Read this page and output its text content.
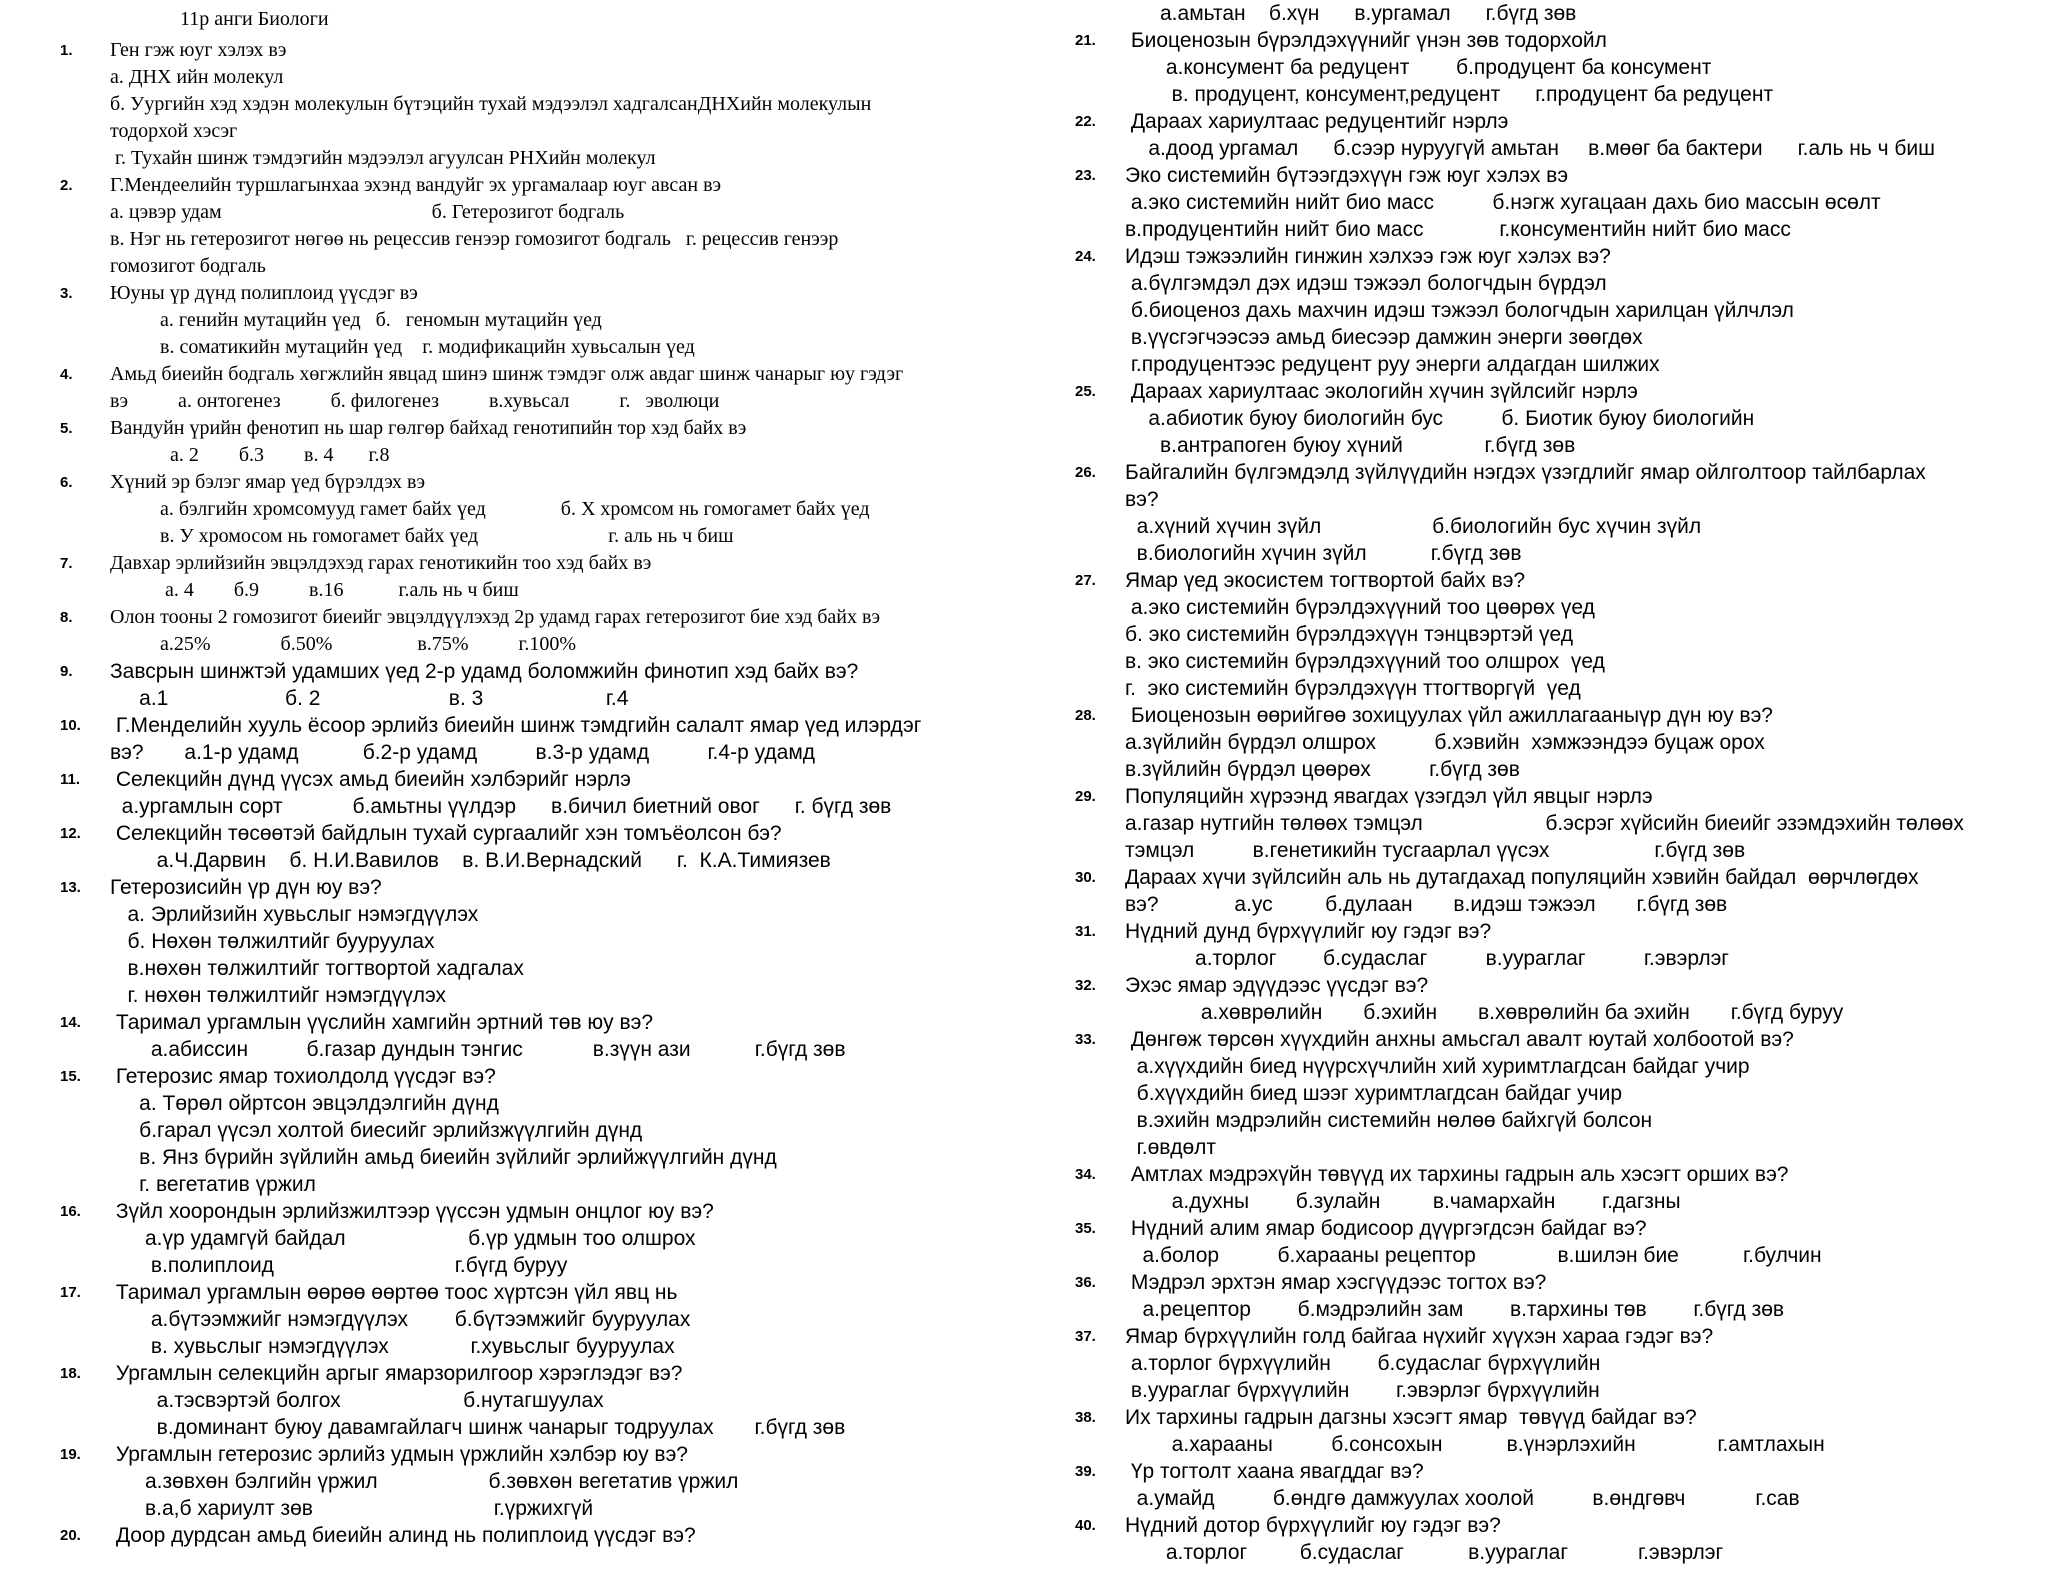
11р анги Биологи
1. Ген гэж юуг хэлэх вэ
а. ДНХ ийн молекул
б. Уургийн хэд хэдэн молекулын бүтэцийн тухай мэдээлэл хадгалсанДНХийн молекулын
тодорхой хэсэг
г. Тухайн шинж тэмдэгийн мэдээлэл агуулсан РНХийн молекул
2. Г.Мендеелийн туршлагынхаа эхэнд вандуйг эх ургамалаар юуг авсан вэ
а. цэвэр удам                                          б. Гетерозигот бодгаль
в. Нэг нь гетерозигот нөгөө нь рецессив генээр гомозигот бодгаль   г. рецессив генээр
гомозигот бодгаль
3. Юуны үр дүнд полиплоид үүсдэг вэ
а. генийн мутацийн үед   б.   геномын мутацийн үед
в. соматикийн мутацийн үед    г. модификацийн хувьсалын үед
4. Амьд биеийн бодгаль хөгжлийн явцад шинэ шинж тэмдэг олж авдаг шинж чанарыг юу гэдэг
вэ          а. онтогенез          б. филогенез          в.хувьсал          г.   эволюци
5. Вандуйн үрийн фенотип нь шар гөлгөр байхад генотипийн тор хэд байх вэ
а. 2        б.3        в. 4       г.8
6. Хүний эр бэлэг ямар үед бүрэлдэх вэ
а. бэлгийн хромсомууд гамет байх үед               б. Х хромсом нь гомогамет байх үед
в. У хромосом нь гомогамет байх үед                          г. аль нь ч биш
7. Давхар эрлийзийн эвцэлдэхэд гарах генотикийн тоо хэд байх вэ
а. 4        б.9          в.16           г.аль нь ч биш
8. Олон тооны 2 гомозигот биеийг эвцэлдүүлэхэд 2р удамд гарах гетерозигот бие хэд байх вэ
а.25%              б.50%                 в.75%          г.100%
9. Завсрын шинжтэй удамших үед 2-р удамд боломжийн финотип хэд байх вэ?
а.1                    б. 2                      в. 3                     г.4
10. Г.Менделийн хууль ёсоор эрлийз биеийн шинж тэмдгийн салалт ямар үед илэрдэг
вэ?       а.1-р удамд           б.2-р удамд          в.3-р удамд          г.4-р удамд
11. Селекцийн дүнд үүсэх амьд биеийн хэлбэрийг нэрлэ
а.ургамлын сорт            б.амьтны үүлдэр      в.бичил биетний овог      г. бүгд зөв
12. Селекцийн төсөөтэй байдлын тухай сургаалийг хэн томъёолсон бэ?
а.Ч.Дарвин    б. Н.И.Вавилов    в. В.И.Вернадский      г.  К.А.Тимиязев
13. Гетерозисийн үр дүн юу вэ?
а. Эрлийзийн хувьслыг нэмэгдүүлэх
б. Нөхөн төлжилтийг бууруулах
в.нөхөн төлжилтийг тогтвортой хадгалах
г. нөхөн төлжилтийг нэмэгдүүлэх
14. Таримал ургамлын үүслийн хамгийн эртний төв юу вэ?
а.абиссин          б.газар дундын тэнгис            в.зүүн ази           г.бүгд зөв
15. Гетерозис ямар тохиолдолд үүсдэг вэ?
а. Төрөл ойртсон эвцэлдэлгийн дүнд
б.гарал үүсэл холтой биесийг эрлийзжүүлгийн дүнд
в. Янз бүрийн зүйлийн амьд биеийн зүйлийг эрлийжүүлгийн дүнд
г. вегетатив үржил
16. Зүйл хоорондын эрлийзжилтээр үүссэн удмын онцлог юу вэ?
а.үр удамгүй байдал                     б.үр удмын тоо олшрох
в.полиплоид                               г.бүгд буруу
17. Таримал ургамлын өөрөө өөртөө тоос хүртсэн үйл явц нь
а.бүтээмжийг нэмэгдүүлэх        б.бүтээмжийг бууруулах
в. хувьслыг нэмэгдүүлэх              г.хувьслыг бууруулах
18. Ургамлын селекцийн аргыг ямарзорилгоор хэрэглэдэг вэ?
а.тэсвэртэй болгох                     б.нутагшуулах
в.доминант буюу давамгайлагч шинж чанарыг тодруулах       г.бүгд зөв
19. Ургамлын гетерозис эрлийз удмын үржлийн хэлбэр юу вэ?
а.зөвхөн бэлгийн үржил                   б.зөвхөн вегетатив үржил
в.а,б хариулт зөв                               г.үржихгүй
20. Доор дурдсан амьд биеийн алинд нь полиплоид үүсдэг вэ?
а.амьтан    б.хүн      в.ургамал      г.бүгд зөв
21. Биоценозын бүрэлдэхүүнийг үнэн зөв тодорхойл
а.консумент ба редуцент        б.продуцент ба консумент
в. продуцент, консумент,редуцент      г.продуцент ба редуцент
22. Дараах хариултаас редуцентийг нэрлэ
а.доод ургамал      б.сээр нуруугүй амьтан     в.мөөг ба бактери      г.аль нь ч биш
23. Эко системийн бүтээгдэхүүн гэж юуг хэлэх вэ
а.эко системийн нийт био масс          б.нэгж хугацаан дахь био массын өсөлт
в.продуцентийн нийт био масс             г.консументийн нийт био масс
24. Идэш тэжээлийн гинжин хэлхээ гэж юуг хэлэх вэ?
а.бүлгэмдэл дэх идэш тэжээл бологчдын бүрдэл
б.биоценоз дахь махчин идэш тэжээл бологчдын харилцан үйлчлэл
в.үүсгэгчээсээ амьд биесээр дамжин энерги зөөгдөх
г.продуцентээс редуцент руу энерги алдагдан шилжих
25. Дараах хариултаас экологийн хүчин зүйлсийг нэрлэ
а.абиотик буюу биологийн бус          б. Биотик буюу биологийн
в.антрапоген буюу хүний              г.бүгд зөв
26. Байгалийн бүлгэмдэлд зүйлүүдийн нэгдэх үзэгдлийг ямар ойлголтоор тайлбарлах
вэ?
а.хүний хүчин зүйл                   б.биологийн бус хүчин зүйл
в.биологийн хүчин зүйл           г.бүгд зөв
27. Ямар үед экосистем тогтвортой байх вэ?
а.эко системийн бүрэлдэхүүний тоо цөөрөх үед
б. эко системийн бүрэлдэхүүн тэнцвэртэй үед
в. эко системийн бүрэлдэхүүний тоо олшрох  үед
г.  эко системийн бүрэлдэхүүн ттогтворгүй  үед
28. Биоценозын өөрийгөө зохицуулах үйл ажиллагааныүр дүн юу вэ?
а.зүйлийн бүрдэл олшрох          б.хэвийн  хэмжээндээ буцаж орох
в.зүйлийн бүрдэл цөөрөх          г.бүгд зөв
29. Популяцийн хүрээнд явагдах үзэгдэл үйл явцыг нэрлэ
а.газар нутгийн төлөөх тэмцэл                     б.эсрэг хүйсийн биеийг эзэмдэхийн төлөөх
тэмцэл          в.генетикийн тусгаарлал үүсэх                  г.бүгд зөв
30. Дараах хүчи зүйлсийн аль нь дутагдахад популяцийн хэвийн байдал  өөрчлөгдөх
вэ?             а.ус         б.дулаан       в.идэш тэжээл       г.бүгд зөв
31. Нүдний дунд бүрхүүлийг юу гэдэг вэ?
а.торлог        б.судаслаг          в.уураглаг          г.эвэрлэг
32. Эхэс ямар эдүүдээс үүсдэг вэ?
а.хөврөлийн       б.эхийн       в.хөврөлийн ба эхийн       г.бүгд буруу
33. Дөнгөж төрсөн хүүхдийн анхны амьсгал авалт юутай холбоотой вэ?
а.хүүхдийн биед нүүрсхүчлийн хий хуримтлагдсан байдаг учир
б.хүүхдийн биед шээг хуримтлагдсан байдаг учир
в.эхийн мэдрэлийн системийн нөлөө байхгүй болсон
г.өвдөлт
34. Амтлах мэдрэхүйн төвүүд их тархины гадрын аль хэсэгт орших вэ?
а.духны        б.зулайн         в.чамархайн        г.дагзны
35. Нүдний алим ямар бодисоор дүүргэгдсэн байдаг вэ?
а.болор          б.харааны рецептор              в.шилэн бие           г.булчин
36. Мэдрэл эрхтэн ямар хэсгүүдээс тогтох вэ?
а.рецептор        б.мэдрэлийн зам        в.тархины төв        г.бүгд зөв
37. Ямар бүрхүүлийн голд байгаа нүхийг хүүхэн хараа гэдэг вэ?
а.торлог бүрхүүлийн        б.судаслаг бүрхүүлийн
в.уураглаг бүрхүүлийн        г.эвэрлэг бүрхүүлийн
38. Их тархины гадрын дагзны хэсэгт ямар  төвүүд байдаг вэ?
а.харааны          б.сонсохын           в.үнэрлэхийн              г.амтлахын
39. Үр тогтолт хаана явагддаг вэ?
а.умайд          б.өндгө дамжуулах хоолой          в.өндгөвч            г.сав
40. Нүдний дотор бүрхүүлийг юу гэдэг вэ?
а.торлог         б.судаслаг           в.уураглаг            г.эвэрлэг
